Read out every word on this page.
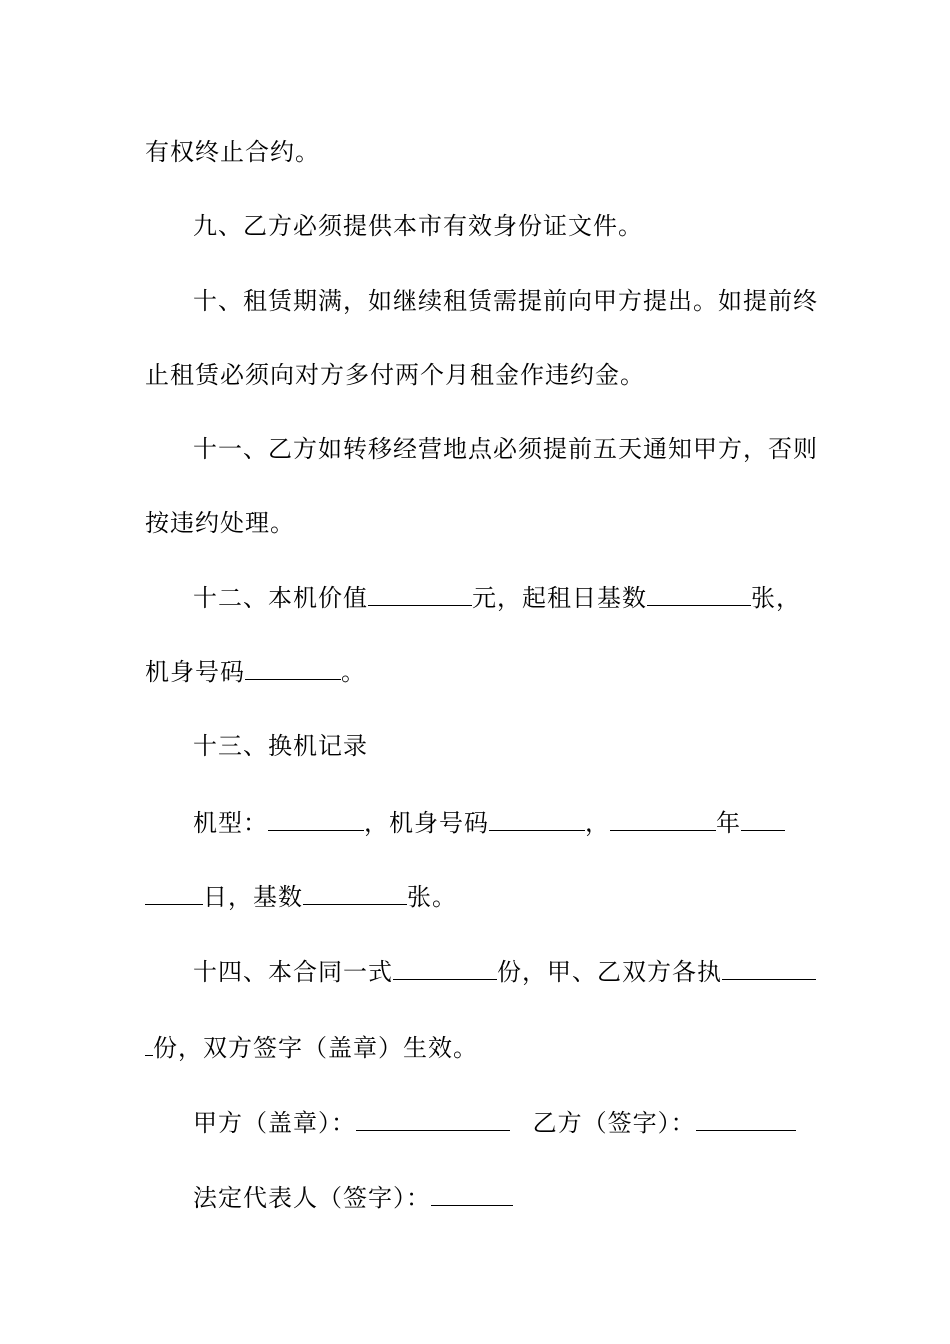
有权终止合约。
九、乙方必须提供本市有效身份证文件。
十、租赁期满，如继续租赁需提前向甲方提出。如提前终
止租赁必须向对方多付两个月租金作违约金。
十一、乙方如转移经营地点必须提前五天通知甲方，否则
按违约处理。
十二、本机价值	元，起租日基数	张，
机身号码	。
十三、换机记录
机型：	，机身号码	，	年
日，基数	张。
十四、本合同一式	份，甲、乙双方各执
份，双方签字（盖章）生效。
甲方（盖章）：	乙方（签字）：
法定代表人（签字）：
